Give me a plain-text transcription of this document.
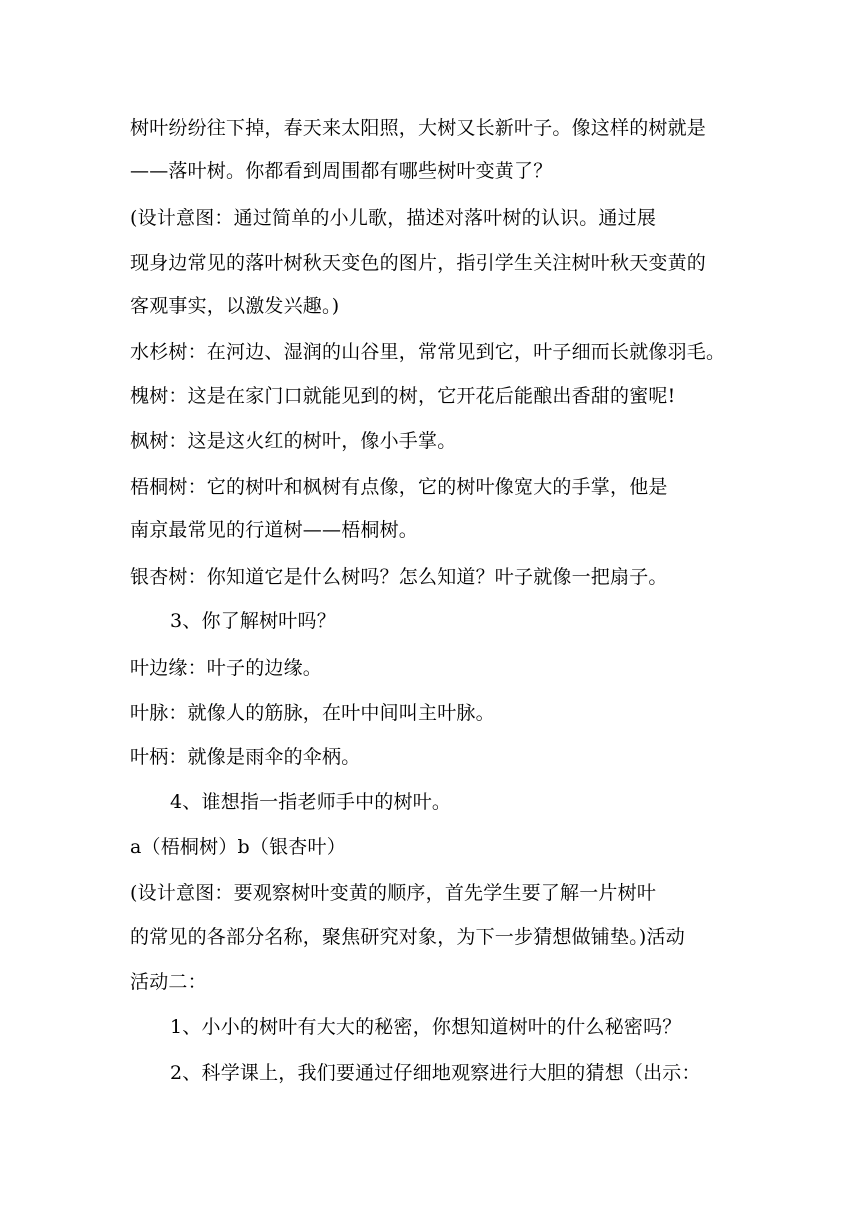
树叶纷纷往下掉，春天来太阳照，大树又长新叶子。像这样的树就是
——落叶树。你都看到周围都有哪些树叶变黄了？
(设计意图：通过简单的小儿歌，描述对落叶树的认识。通过展
现身边常见的落叶树秋天变色的图片，指引学生关注树叶秋天变黄的
客观事实，以激发兴趣。)
水杉树：在河边、湿润的山谷里，常常见到它，叶子细而长就像羽毛。
槐树：这是在家门口就能见到的树，它开花后能酿出香甜的蜜呢!
枫树：这是这火红的树叶，像小手掌。
梧桐树：它的树叶和枫树有点像，它的树叶像宽大的手掌，他是
南京最常见的行道树——梧桐树。
银杏树：你知道它是什么树吗？怎么知道？叶子就像一把扇子。
3、你了解树叶吗？
叶边缘：叶子的边缘。
叶脉：就像人的筋脉，在叶中间叫主叶脉。
叶柄：就像是雨伞的伞柄。
4、谁想指一指老师手中的树叶。
a（梧桐树）b（银杏叶）
(设计意图：要观察树叶变黄的顺序，首先学生要了解一片树叶
的常见的各部分名称，聚焦研究对象，为下一步猜想做铺垫。)活动
活动二：
1、小小的树叶有大大的秘密，你想知道树叶的什么秘密吗？
2、科学课上，我们要通过仔细地观察进行大胆的猜想（出示：
